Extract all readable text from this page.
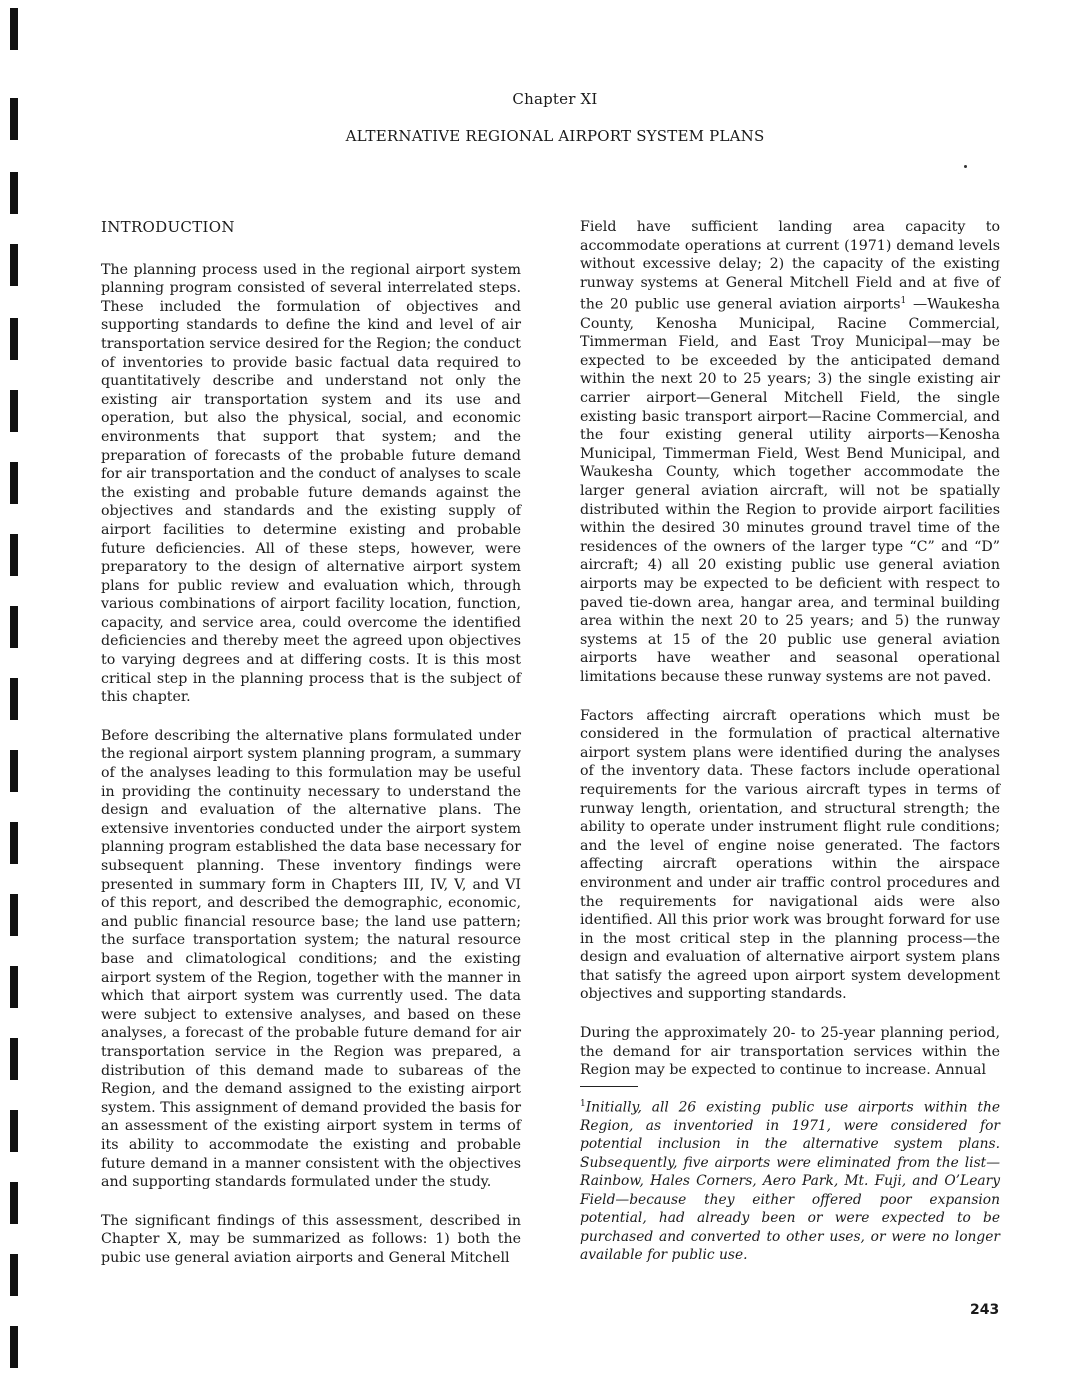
Chapter XI
ALTERNATIVE REGIONAL AIRPORT SYSTEM PLANS
INTRODUCTION

The planning process used in the regional airport system planning program consisted of several interrelated steps. These included the formulation of objectives and supporting standards to define the kind and level of air transportation service desired for the Region; the conduct of inventories to provide basic factual data required to quantitatively describe and understand not only the existing air transportation system and its use and operation, but also the physical, social, and economic environments that support that system; and the preparation of forecasts of the probable future demand for air transportation and the conduct of analyses to scale the existing and probable future demands against the objectives and standards and the existing supply of airport facilities to determine existing and probable future deficiencies. All of these steps, however, were preparatory to the design of alternative airport system plans for public review and evaluation which, through various combinations of airport facility location, function, capacity, and service area, could overcome the identified deficiencies and thereby meet the agreed upon objectives to varying degrees and at differing costs. It is this most critical step in the planning process that is the subject of this chapter.

Before describing the alternative plans formulated under the regional airport system planning program, a summary of the analyses leading to this formulation may be useful in providing the continuity necessary to understand the design and evaluation of the alternative plans. The extensive inventories conducted under the airport system planning program established the data base necessary for subsequent planning. These inventory findings were presented in summary form in Chapters III, IV, V, and VI of this report, and described the demographic, economic, and public financial resource base; the land use pattern; the surface transportation system; the natural resource base and climatological conditions; and the existing airport system of the Region, together with the manner in which that airport system was currently used. The data were subject to extensive analyses, and based on these analyses, a forecast of the probable future demand for air transportation service in the Region was prepared, a distribution of this demand made to subareas of the Region, and the demand assigned to the existing airport system. This assignment of demand provided the basis for an assessment of the existing airport system in terms of its ability to accommodate the existing and probable future demand in a manner consistent with the objectives and supporting standards formulated under the study.

The significant findings of this assessment, described in Chapter X, may be summarized as follows: 1) both the pubic use general aviation airports and General Mitchell

Field have sufficient landing area capacity to accommodate operations at current (1971) demand levels without excessive delay; 2) the capacity of the existing runway systems at General Mitchell Field and at five of the 20 public use general aviation airports$^1$ —Waukesha County, Kenosha Municipal, Racine Commercial, Timmerman Field, and East Troy Municipal—may be expected to be exceeded by the anticipated demand within the next 20 to 25 years; 3) the single existing air carrier airport—General Mitchell Field, the single existing basic transport airport—Racine Commercial, and the four existing general utility airports—Kenosha Municipal, Timmerman Field, West Bend Municipal, and Waukesha County, which together accommodate the larger general aviation aircraft, will not be spatially distributed within the Region to provide airport facilities within the desired 30 minutes ground travel time of the residences of the owners of the larger type “C” and “D” aircraft; 4) all 20 existing public use general aviation airports may be expected to be deficient with respect to paved tie-down area, hangar area, and terminal building area within the next 20 to 25 years; and 5) the runway systems at 15 of the 20 public use general aviation airports have weather and seasonal operational limitations because these runway systems are not paved.

Factors affecting aircraft operations which must be considered in the formulation of practical alternative airport system plans were identified during the analyses of the inventory data. These factors include operational requirements for the various aircraft types in terms of runway length, orientation, and structural strength; the ability to operate under instrument flight rule conditions; and the level of engine noise generated. The factors affecting aircraft operations within the airspace environment and under air traffic control procedures and the requirements for navigational aids were also identified. All this prior work was brought forward for use in the most critical step in the planning process—the design and evaluation of alternative airport system plans that satisfy the agreed upon airport system development objectives and supporting standards.

During the approximately 20- to 25-year planning period, the demand for air transportation services within the Region may be expected to continue to increase. Annual

$^1$Initially, all 26 existing public use airports within the Region, as inventoried in 1971, were considered for potential inclusion in the alternative system plans. Subsequently, five airports were eliminated from the list—Rainbow, Hales Corners, Aero Park, Mt. Fuji, and O’Leary Field—because they either offered poor expansion potential, had already been or were expected to be purchased and converted to other uses, or were no longer available for public use.

243
